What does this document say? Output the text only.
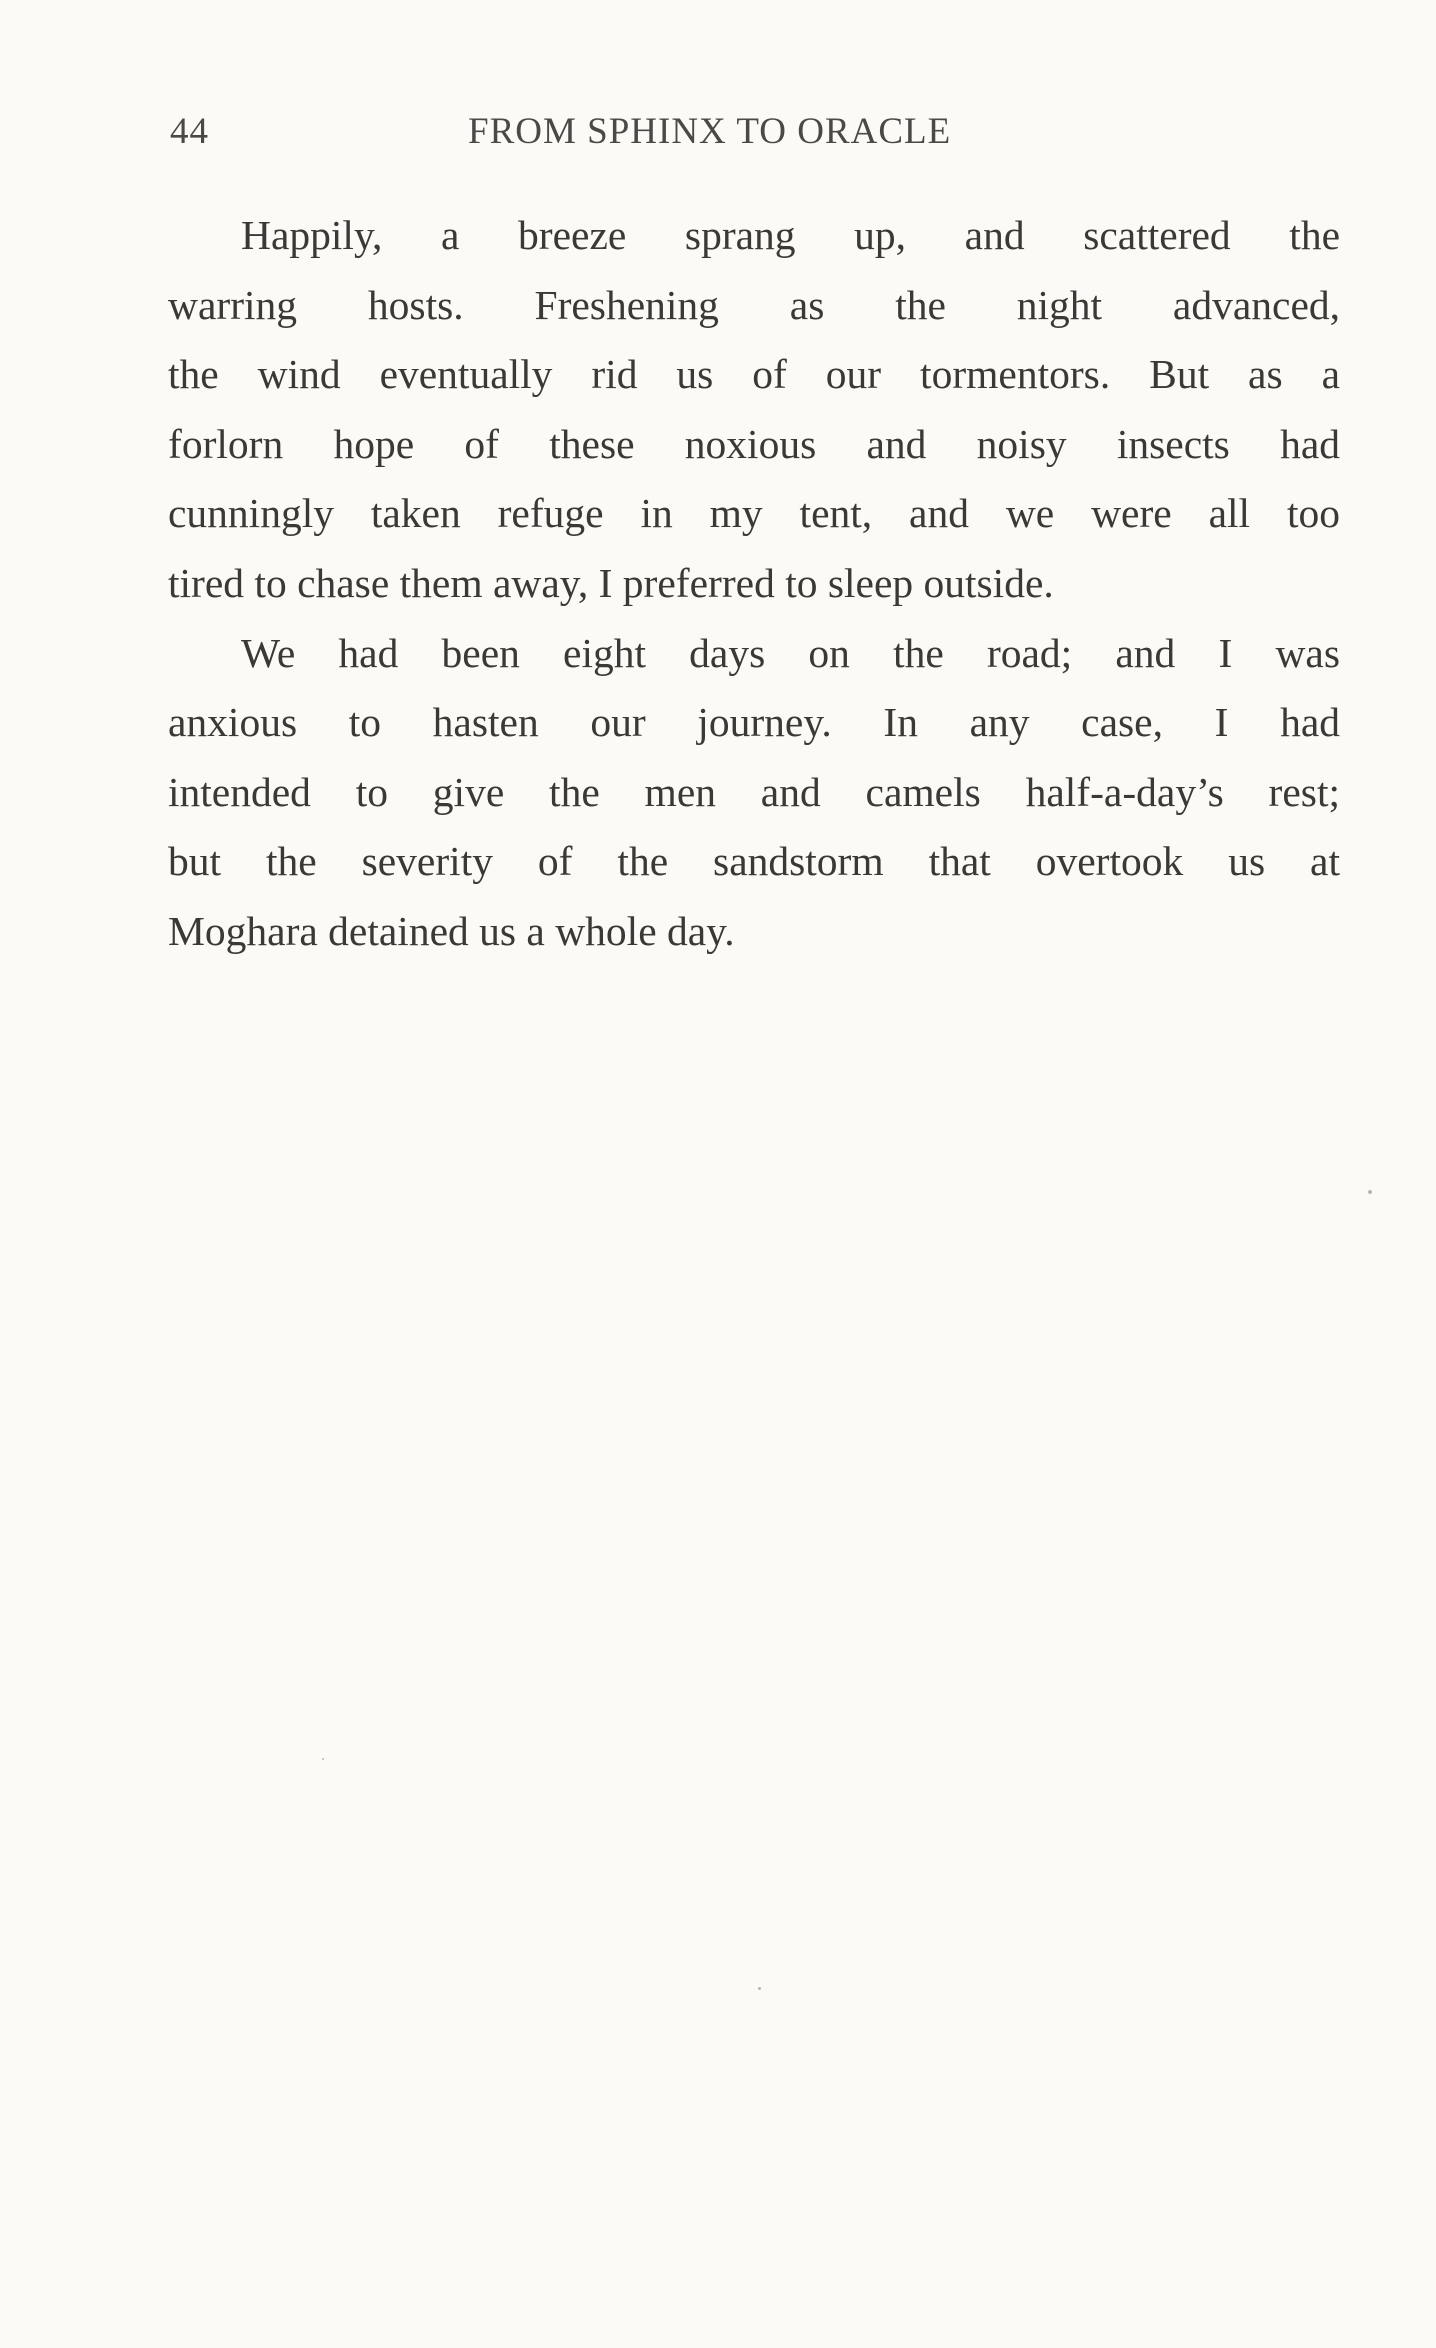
44	FROM SPHINX TO ORACLE
Happily, a breeze sprang up, and scattered the
warring hosts. Freshening as the night advanced,
the wind eventually rid us of our tormentors. But as a
forlorn hope of these noxious and noisy insects had
cunningly taken refuge in my tent, and we were all too
tired to chase them away, I preferred to sleep outside.
We had been eight days on the road; and I was
anxious to hasten our journey. In any case, I had
intended to give the men and camels half-a-day’s rest;
but the severity of the sandstorm that overtook us at
Moghara detained us a whole day.
